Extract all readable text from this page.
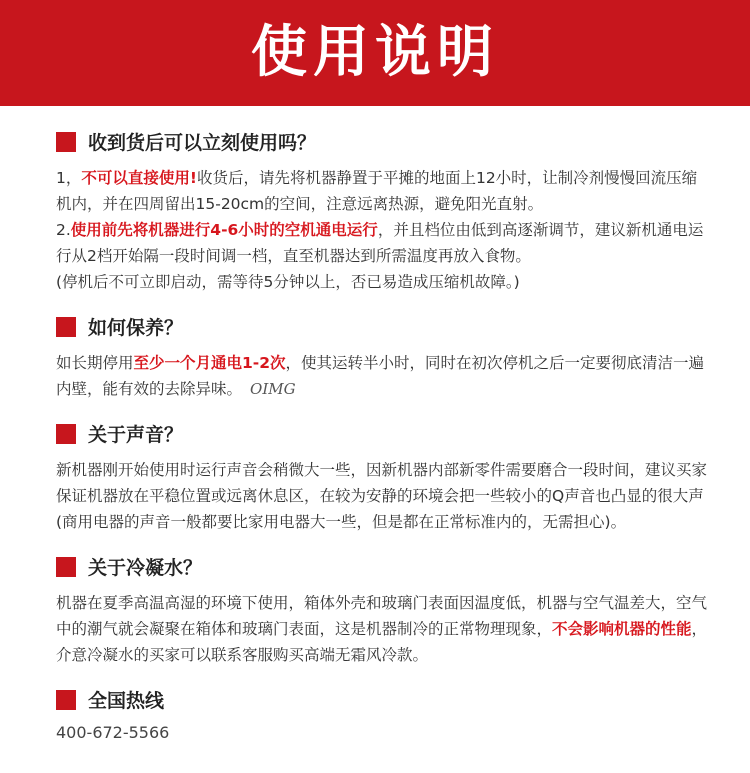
使用说明
收到货后可以立刻使用吗？

1，不可以直接使用!收货后，请先将机器静置于平摊的地面上12小时，让制冷剂慢慢回流压缩机内，并在四周留出15-20cm的空间，注意远离热源，避免阳光直射。

2.使用前先将机器进行4-6小时的空机通电运行，并且档位由低到高逐渐调节，建议新机通电运行从2档开始隔一段时间调一档，直至机器达到所需温度再放入食物。

(停机后不可立即启动，需等待5分钟以上，否已易造成压缩机故障。)

如何保养？

如长期停用至少一个月通电1-2次，使其运转半小时，同时在初次停机之后一定要彻底清洁一遍内壁，能有效的去除异味。 OIMG

关于声音？

新机器刚开始使用时运行声音会稍微大一些，因新机器内部新零件需要磨合一段时间，建议买家保证机器放在平稳位置或远离休息区，在较为安静的环境会把一些较小的Q声音也凸显的很大声(商用电器的声音一般都要比家用电器大一些，但是都在正常标准内的，无需担心)。

关于冷凝水？

机器在夏季高温高湿的环境下使用，箱体外壳和玻璃门表面因温度低，机器与空气温差大，空气中的潮气就会凝聚在箱体和玻璃门表面，这是机器制冷的正常物理现象，不会影响机器的性能，介意冷凝水的买家可以联系客服购买高端无霜风冷款。

全国热线
400-672-5566
